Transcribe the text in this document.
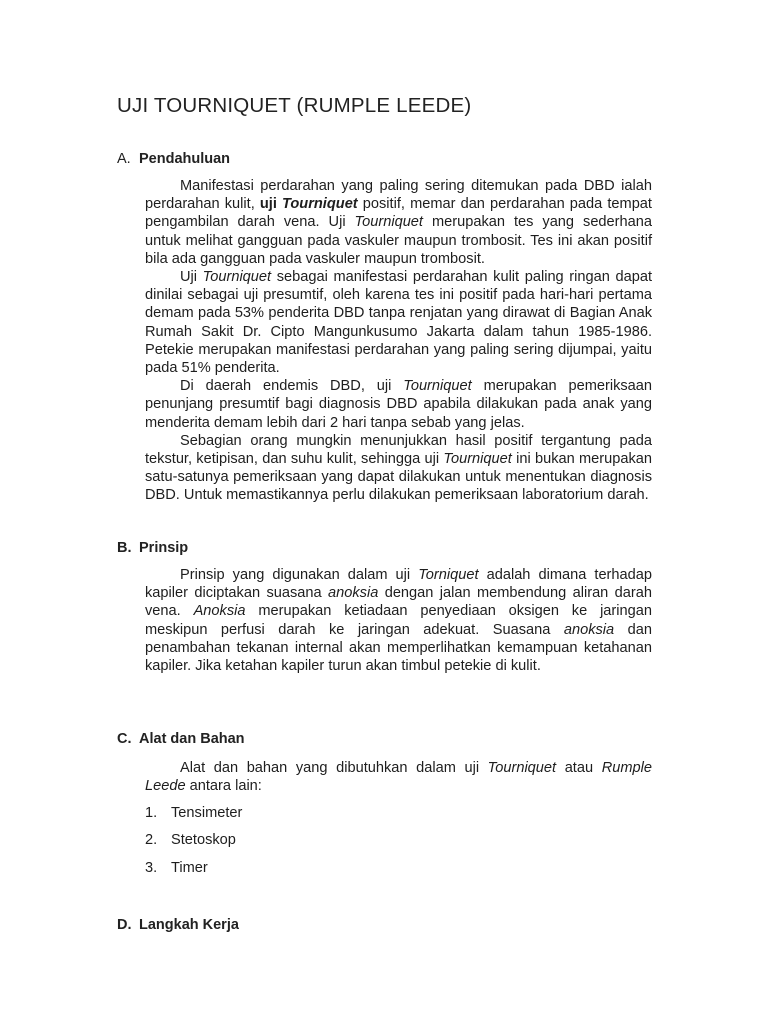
UJI TOURNIQUET (RUMPLE LEEDE)
A. Pendahuluan

Manifestasi perdarahan yang paling sering ditemukan pada DBD ialah perdarahan kulit, uji Tourniquet positif, memar dan perdarahan pada tempat pengambilan darah vena. Uji Tourniquet merupakan tes yang sederhana untuk melihat gangguan pada vaskuler maupun trombosit. Tes ini akan positif bila ada gangguan pada vaskuler maupun trombosit.

Uji Tourniquet sebagai manifestasi perdarahan kulit paling ringan dapat dinilai sebagai uji presumtif, oleh karena tes ini positif pada hari-hari pertama demam pada 53% penderita DBD tanpa renjatan yang dirawat di Bagian Anak Rumah Sakit Dr. Cipto Mangunkusumo Jakarta dalam tahun 1985-1986. Petekie merupakan manifestasi perdarahan yang paling sering dijumpai, yaitu pada 51% penderita.

Di daerah endemis DBD, uji Tourniquet merupakan pemeriksaan penunjang presumtif bagi diagnosis DBD apabila dilakukan pada anak yang menderita demam lebih dari 2 hari tanpa sebab yang jelas.

Sebagian orang mungkin menunjukkan hasil positif tergantung pada tekstur, ketipisan, dan suhu kulit, sehingga uji Tourniquet ini bukan merupakan satu-satunya pemeriksaan yang dapat dilakukan untuk menentukan diagnosis DBD. Untuk memastikannya perlu dilakukan pemeriksaan laboratorium darah.

B. Prinsip

Prinsip yang digunakan dalam uji Torniquet adalah dimana terhadap kapiler diciptakan suasana anoksia dengan jalan membendung aliran darah vena. Anoksia merupakan ketiadaan penyediaan oksigen ke jaringan meskipun perfusi darah ke jaringan adekuat. Suasana anoksia dan penambahan tekanan internal akan memperlihatkan kemampuan ketahanan kapiler. Jika ketahan kapiler turun akan timbul petekie di kulit.

C. Alat dan Bahan

Alat dan bahan yang dibutuhkan dalam uji Tourniquet atau Rumple Leede antara lain:

1. Tensimeter
2. Stetoskop
3. Timer
D. Langkah Kerja
